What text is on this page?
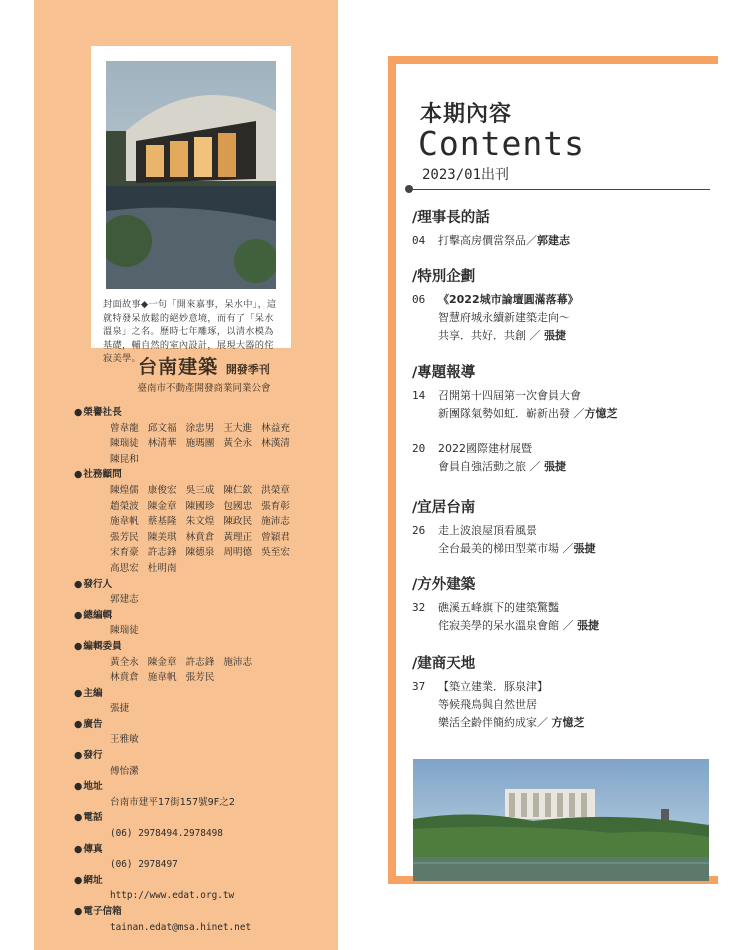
封面故事◆一句「開來嘉事，呆水中」，這就特發呆放鬆的絕妙意境，而有了「呆水溫泉」之名。歷時七年雕琢，以清水模為基礎，輔自然的室內設計，展現大器的侘寂美學。
台南建築 開發季刊
臺南市不動產開發商業同業公會
● 榮譽社長
曾韋龍 邱文福 涂忠男 王大進 林益充
陳瑞徒 林清華 施瑪團 黃全永 林漢清
陳昆和
● 社務顧問
陳煌儒 康俊宏 吳三成 陳仁欽 洪榮章
趙榮波 陳金章 陳國珍 包國忠 張育彰
施韋帆 蔡基隆 朱文煌 陳政民 施沛志
張芳民 陳美琪 林賁倉 黃理正 曾穎君
宋育豪 許志鋒 陳德泉 周明德 吳至宏
高思宏 杜明南
● 發行人
郭建志
● 總編輯
陳瑞徒
● 編輯委員
黃全永 陳金章 許志鋒 施沛志
林賁倉 施韋帆 張芳民
● 主編
張捷
● 廣告
王雅敏
● 發行
傅怡瀠
● 地址
台南市建平17街157號9F之2
● 電話
(06) 2978494.2978498
● 傳真
(06) 2978497
● 網址
http://www.edat.org.tw
● 電子信箱
tainan.edat@msa.hinet.net
本期內容
Contents
2023/01出刊
/理事長的話
04 打擊高房價當祭品／郭建志
/特別企劃
06 《2022城市論壇圓滿落幕》
智慧府城永續新建築走向～
共享．共好．共創 ／ 張捷
/專題報導
14 召開第十四屆第一次會員大會
新團隊氣勢如虹．嶄新出發 ／方憶芝
20 2022國際建材展暨
會員自強活動之旅 ／ 張捷
/宜居台南
26 走上波浪屋頂看風景
全台最美的梯田型菜市場 ／張捷
/方外建築
32 礁溪五峰旗下的建築驚豔
侘寂美學的呆水溫泉會館 ／ 張捷
/建商天地
37 【築立建業．豚泉津】
等候飛鳥與自然世居
樂活全齡伴簡約成家／ 方憶芝
